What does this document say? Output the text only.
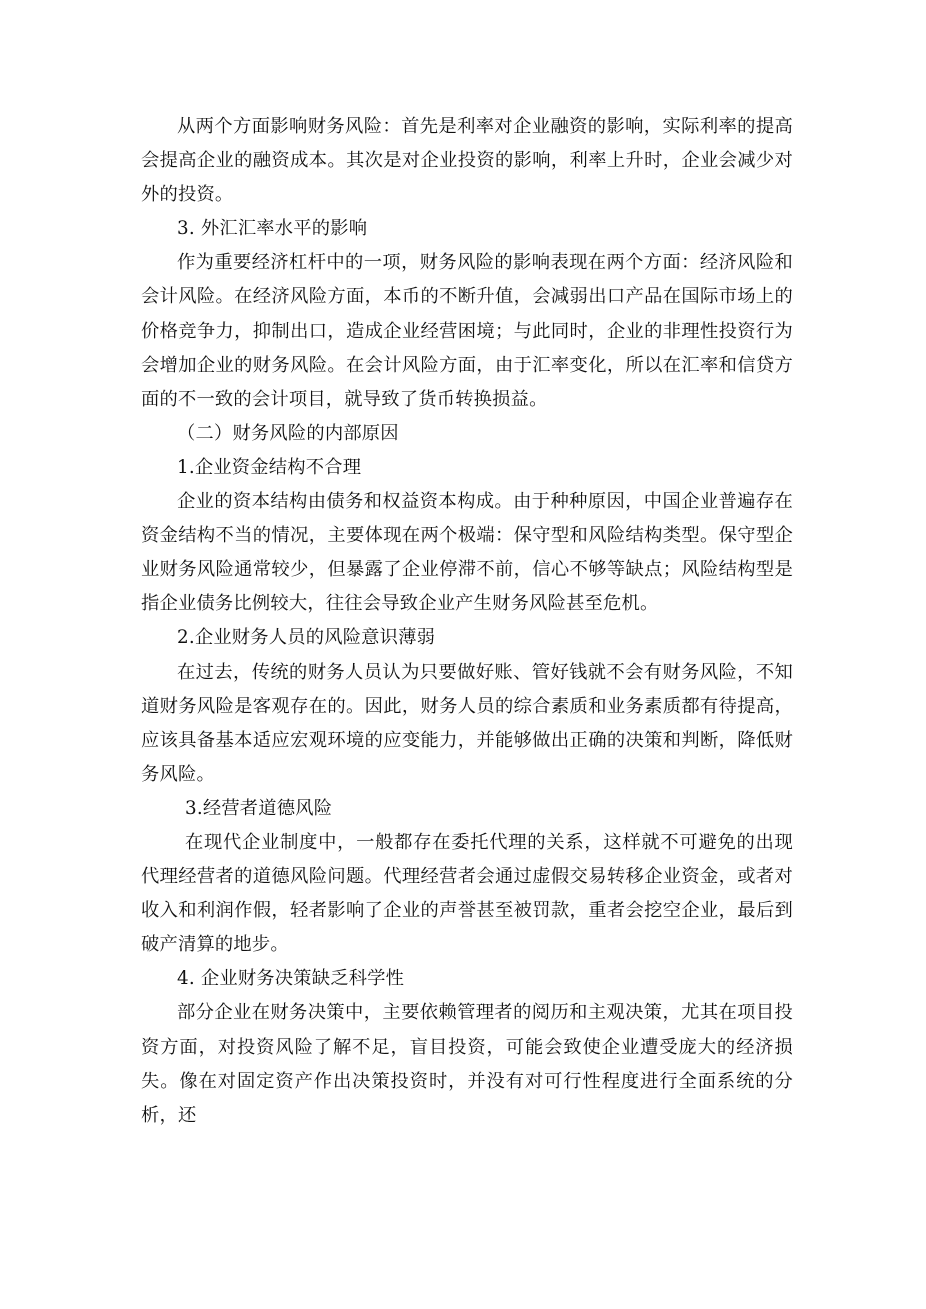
从两个方面影响财务风险：首先是利率对企业融资的影响，实际利率的提高会提高企业的融资成本。其次是对企业投资的影响，利率上升时，企业会减少对外的投资。

3. 外汇汇率水平的影响

作为重要经济杠杆中的一项，财务风险的影响表现在两个方面：经济风险和会计风险。在经济风险方面，本币的不断升值，会减弱出口产品在国际市场上的价格竞争力，抑制出口，造成企业经营困境；与此同时，企业的非理性投资行为会增加企业的财务风险。在会计风险方面，由于汇率变化，所以在汇率和信贷方面的不一致的会计项目，就导致了货币转换损益。

（二）财务风险的内部原因

1.企业资金结构不合理

企业的资本结构由债务和权益资本构成。由于种种原因，中国企业普遍存在资金结构不当的情况，主要体现在两个极端：保守型和风险结构类型。保守型企业财务风险通常较少，但暴露了企业停滞不前，信心不够等缺点；风险结构型是指企业债务比例较大，往往会导致企业产生财务风险甚至危机。

2.企业财务人员的风险意识薄弱

在过去，传统的财务人员认为只要做好账、管好钱就不会有财务风险，不知道财务风险是客观存在的。因此，财务人员的综合素质和业务素质都有待提高，应该具备基本适应宏观环境的应变能力，并能够做出正确的决策和判断，降低财务风险。

3.经营者道德风险

在现代企业制度中，一般都存在委托代理的关系，这样就不可避免的出现代理经营者的道德风险问题。代理经营者会通过虚假交易转移企业资金，或者对收入和利润作假，轻者影响了企业的声誉甚至被罚款，重者会挖空企业，最后到破产清算的地步。

4. 企业财务决策缺乏科学性

部分企业在财务决策中，主要依赖管理者的阅历和主观决策，尤其在项目投资方面，对投资风险了解不足，盲目投资，可能会致使企业遭受庞大的经济损失。像在对固定资产作出决策投资时，并没有对可行性程度进行全面系统的分析，还
